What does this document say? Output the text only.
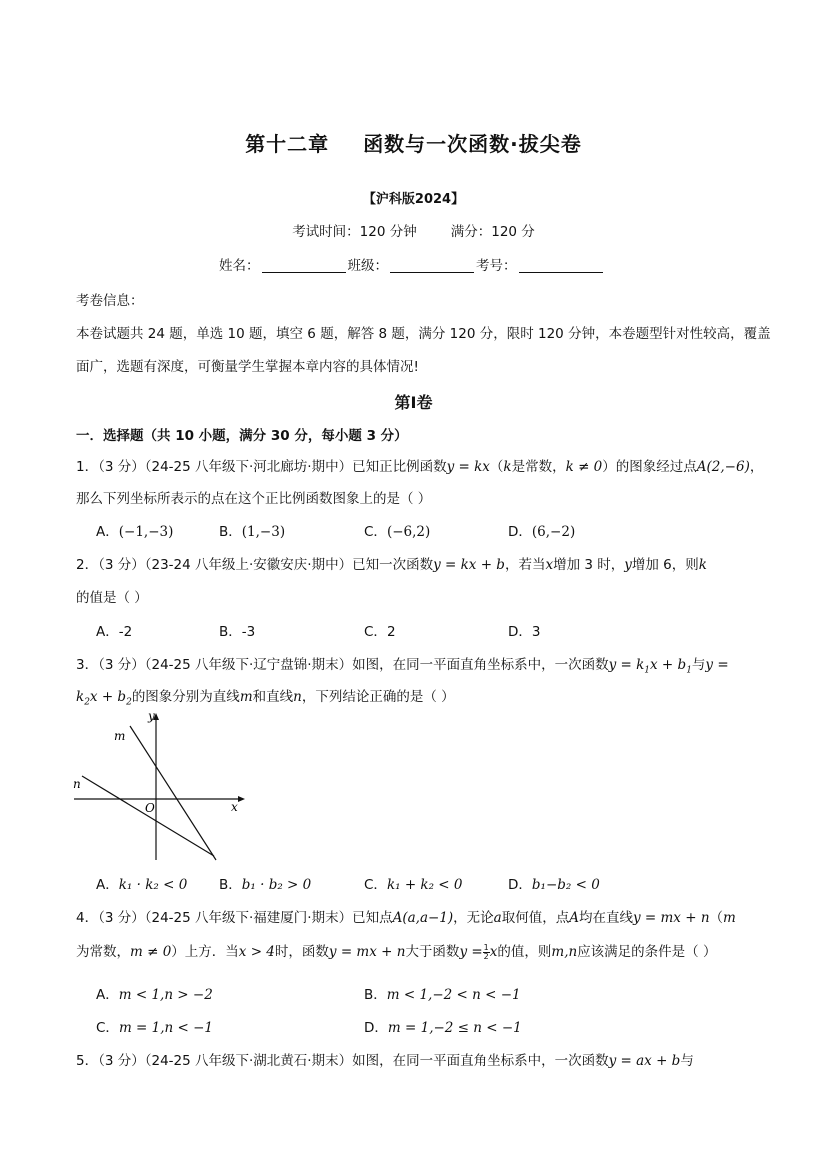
第十二章 函数与一次函数·拔尖卷
【沪科版2024】
考试时间：120 分钟	满分：120 分
姓名：	班级：	考号：
考卷信息：
本卷试题共 24 题，单选 10 题，填空 6 题，解答 8 题，满分 120 分，限时 120 分钟，本卷题型针对性较高，覆盖
面广，选题有深度，可衡量学生掌握本章内容的具体情况!
第Ⅰ卷
一．选择题（共 10 小题，满分 30 分，每小题 3 分）
1．（3 分）（24-25 八年级下·河北廊坊·期中）已知正比例函数y = kx（k是常数，k ≠ 0）的图象经过点A(2,−6)，
那么下列坐标所表示的点在这个正比例函数图象上的是（ ）
A．(−1,−3)	B．(1,−3)	C．(−6,2)	D．(6,−2)
2．（3 分）（23-24 八年级上·安徽安庆·期中）已知一次函数y = kx + b，若当x增加 3 时，y增加 6，则k
的值是（ ）
A．-2	B．-3	C．2	D．3
3．（3 分）（24-25 八年级下·辽宁盘锦·期末）如图，在同一平面直角坐标系中，一次函数$y = k_1x + b_1$与y =
$k_2x + b_2$的图象分别为直线m和直线n，下列结论正确的是（ ）
y
x
O
m
n
A．k₁ · k₂ < 0 B．b₁ · b₂ > 0	C．k₁ + k₂ < 0	D．b₁−b₂ < 0
4．（3 分）（24-25 八年级下·福建厦门·期末）已知点A(a,a−1)，无论a取何值，点A均在直线y = mx + n（m
为常数，m ≠ 0）上方．当x > 4时，函数y = mx + n大于函数$y = \frac{1}{2}$ x的值，则m,n应该满足的条件是（ ）
A．m < 1,n > −2	B．m < 1,−2 < n < −1
C．m = 1,n < −1	D．m = 1,−2 ≤ n < −1
5．（3 分）（24-25 八年级下·湖北黄石·期末）如图，在同一平面直角坐标系中，一次函数y = ax + b与
